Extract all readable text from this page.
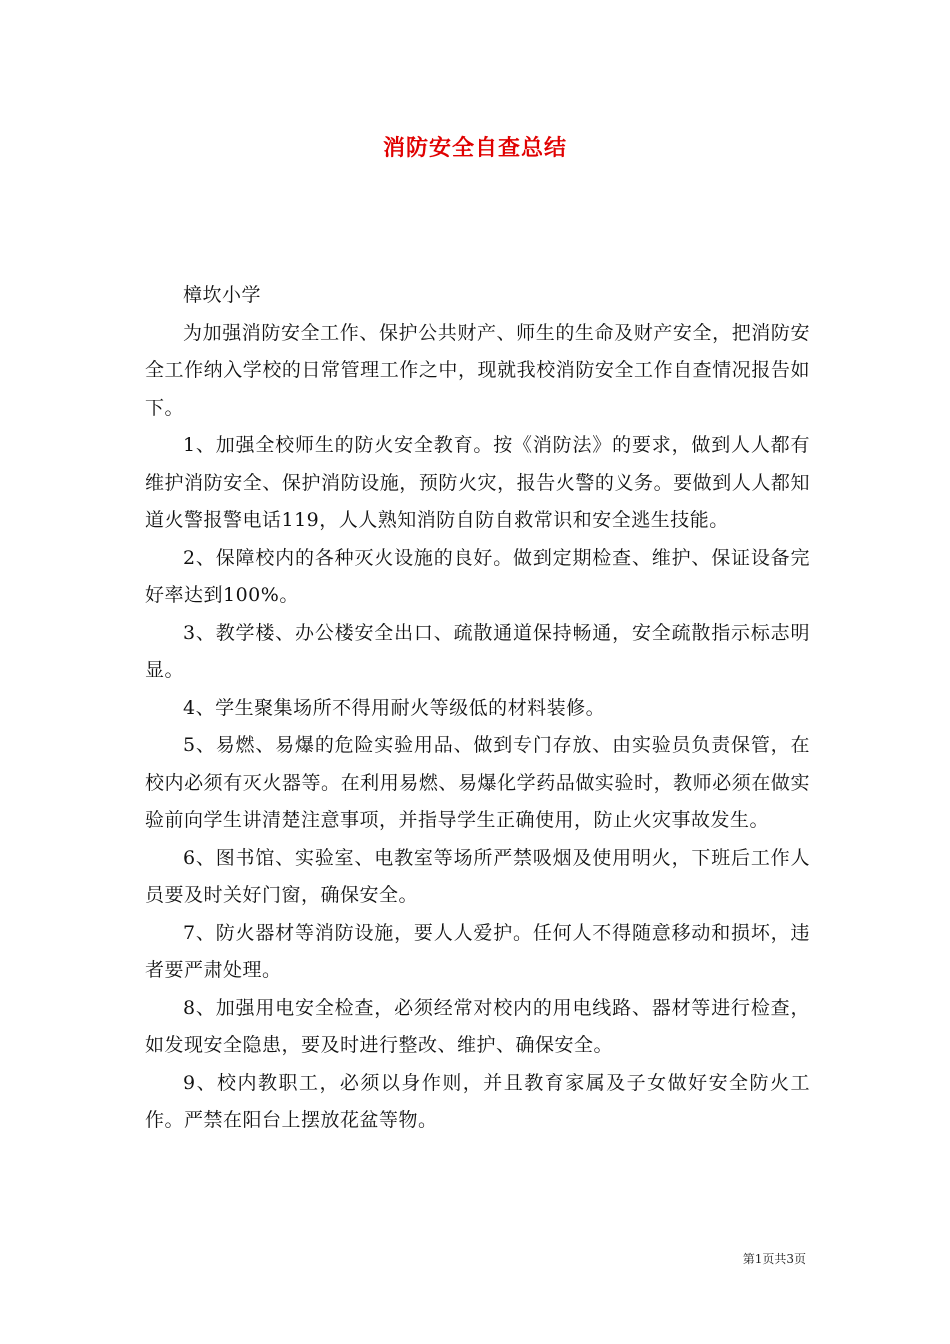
消防安全自查总结

樟坎小学

为加强消防安全工作、保护公共财产、师生的生命及财产安全，把消防安全工作纳入学校的日常管理工作之中，现就我校消防安全工作自查情况报告如下。

1、加强全校师生的防火安全教育。按《消防法》的要求，做到人人都有维护消防安全、保护消防设施，预防火灾，报告火警的义务。要做到人人都知道火警报警电话119，人人熟知消防自防自救常识和安全逃生技能。

2、保障校内的各种灭火设施的良好。做到定期检查、维护、保证设备完好率达到100%。

3、教学楼、办公楼安全出口、疏散通道保持畅通，安全疏散指示标志明显。

4、学生聚集场所不得用耐火等级低的材料装修。

5、易燃、易爆的危险实验用品、做到专门存放、由实验员负责保管，在校内必须有灭火器等。在利用易燃、易爆化学药品做实验时，教师必须在做实验前向学生讲清楚注意事项，并指导学生正确使用，防止火灾事故发生。

6、图书馆、实验室、电教室等场所严禁吸烟及使用明火，下班后工作人员要及时关好门窗，确保安全。

7、防火器材等消防设施，要人人爱护。任何人不得随意移动和损坏，违者要严肃处理。

8、加强用电安全检查，必须经常对校内的用电线路、器材等进行检查，如发现安全隐患，要及时进行整改、维护、确保安全。

9、校内教职工，必须以身作则，并且教育家属及子女做好安全防火工作。严禁在阳台上摆放花盆等物。

第1页共3页
